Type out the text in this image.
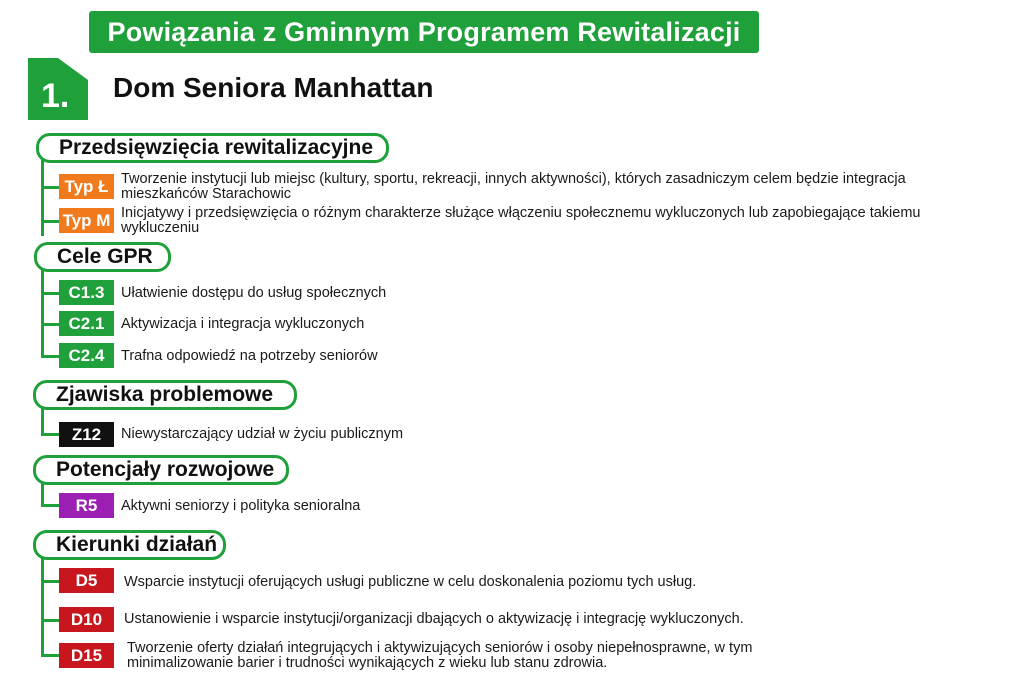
Powiązania z Gminnym Programem Rewitalizacji
1. Dom Seniora Manhattan
Przedsięwzięcia rewitalizacyjne
Typ Ł Tworzenie instytucji lub miejsc (kultury, sportu, rekreacji, innych aktywności), których zasadniczym celem będzie integracja
mieszkańców Starachowic
Typ M Inicjatywy i przedsięwzięcia o różnym charakterze służące włączeniu społecznemu wykluczonych lub zapobiegające takiemu
wykluczeniu
Cele GPR
C1.3	Ułatwienie dostępu do usług społecznych
C2.1	Aktywizacja i integracja wykluczonych
C2.4	Trafna odpowiedź na potrzeby seniorów
Zjawiska problemowe
Z12	Niewystarczający udział w życiu publicznym
Potencjały rozwojowe
R5	Aktywni seniorzy i polityka senioralna
Kierunki działań
D5	Wsparcie instytucji oferujących usługi publiczne w celu doskonalenia poziomu tych usług.
D10	Ustanowienie i wsparcie instytucji/organizacji dbających o aktywizację i integrację wykluczonych.
D15	Tworzenie oferty działań integrujących i aktywizujących seniorów i osoby niepełnosprawne, w tym
minimalizowanie barier i trudności wynikających z wieku lub stanu zdrowia.
